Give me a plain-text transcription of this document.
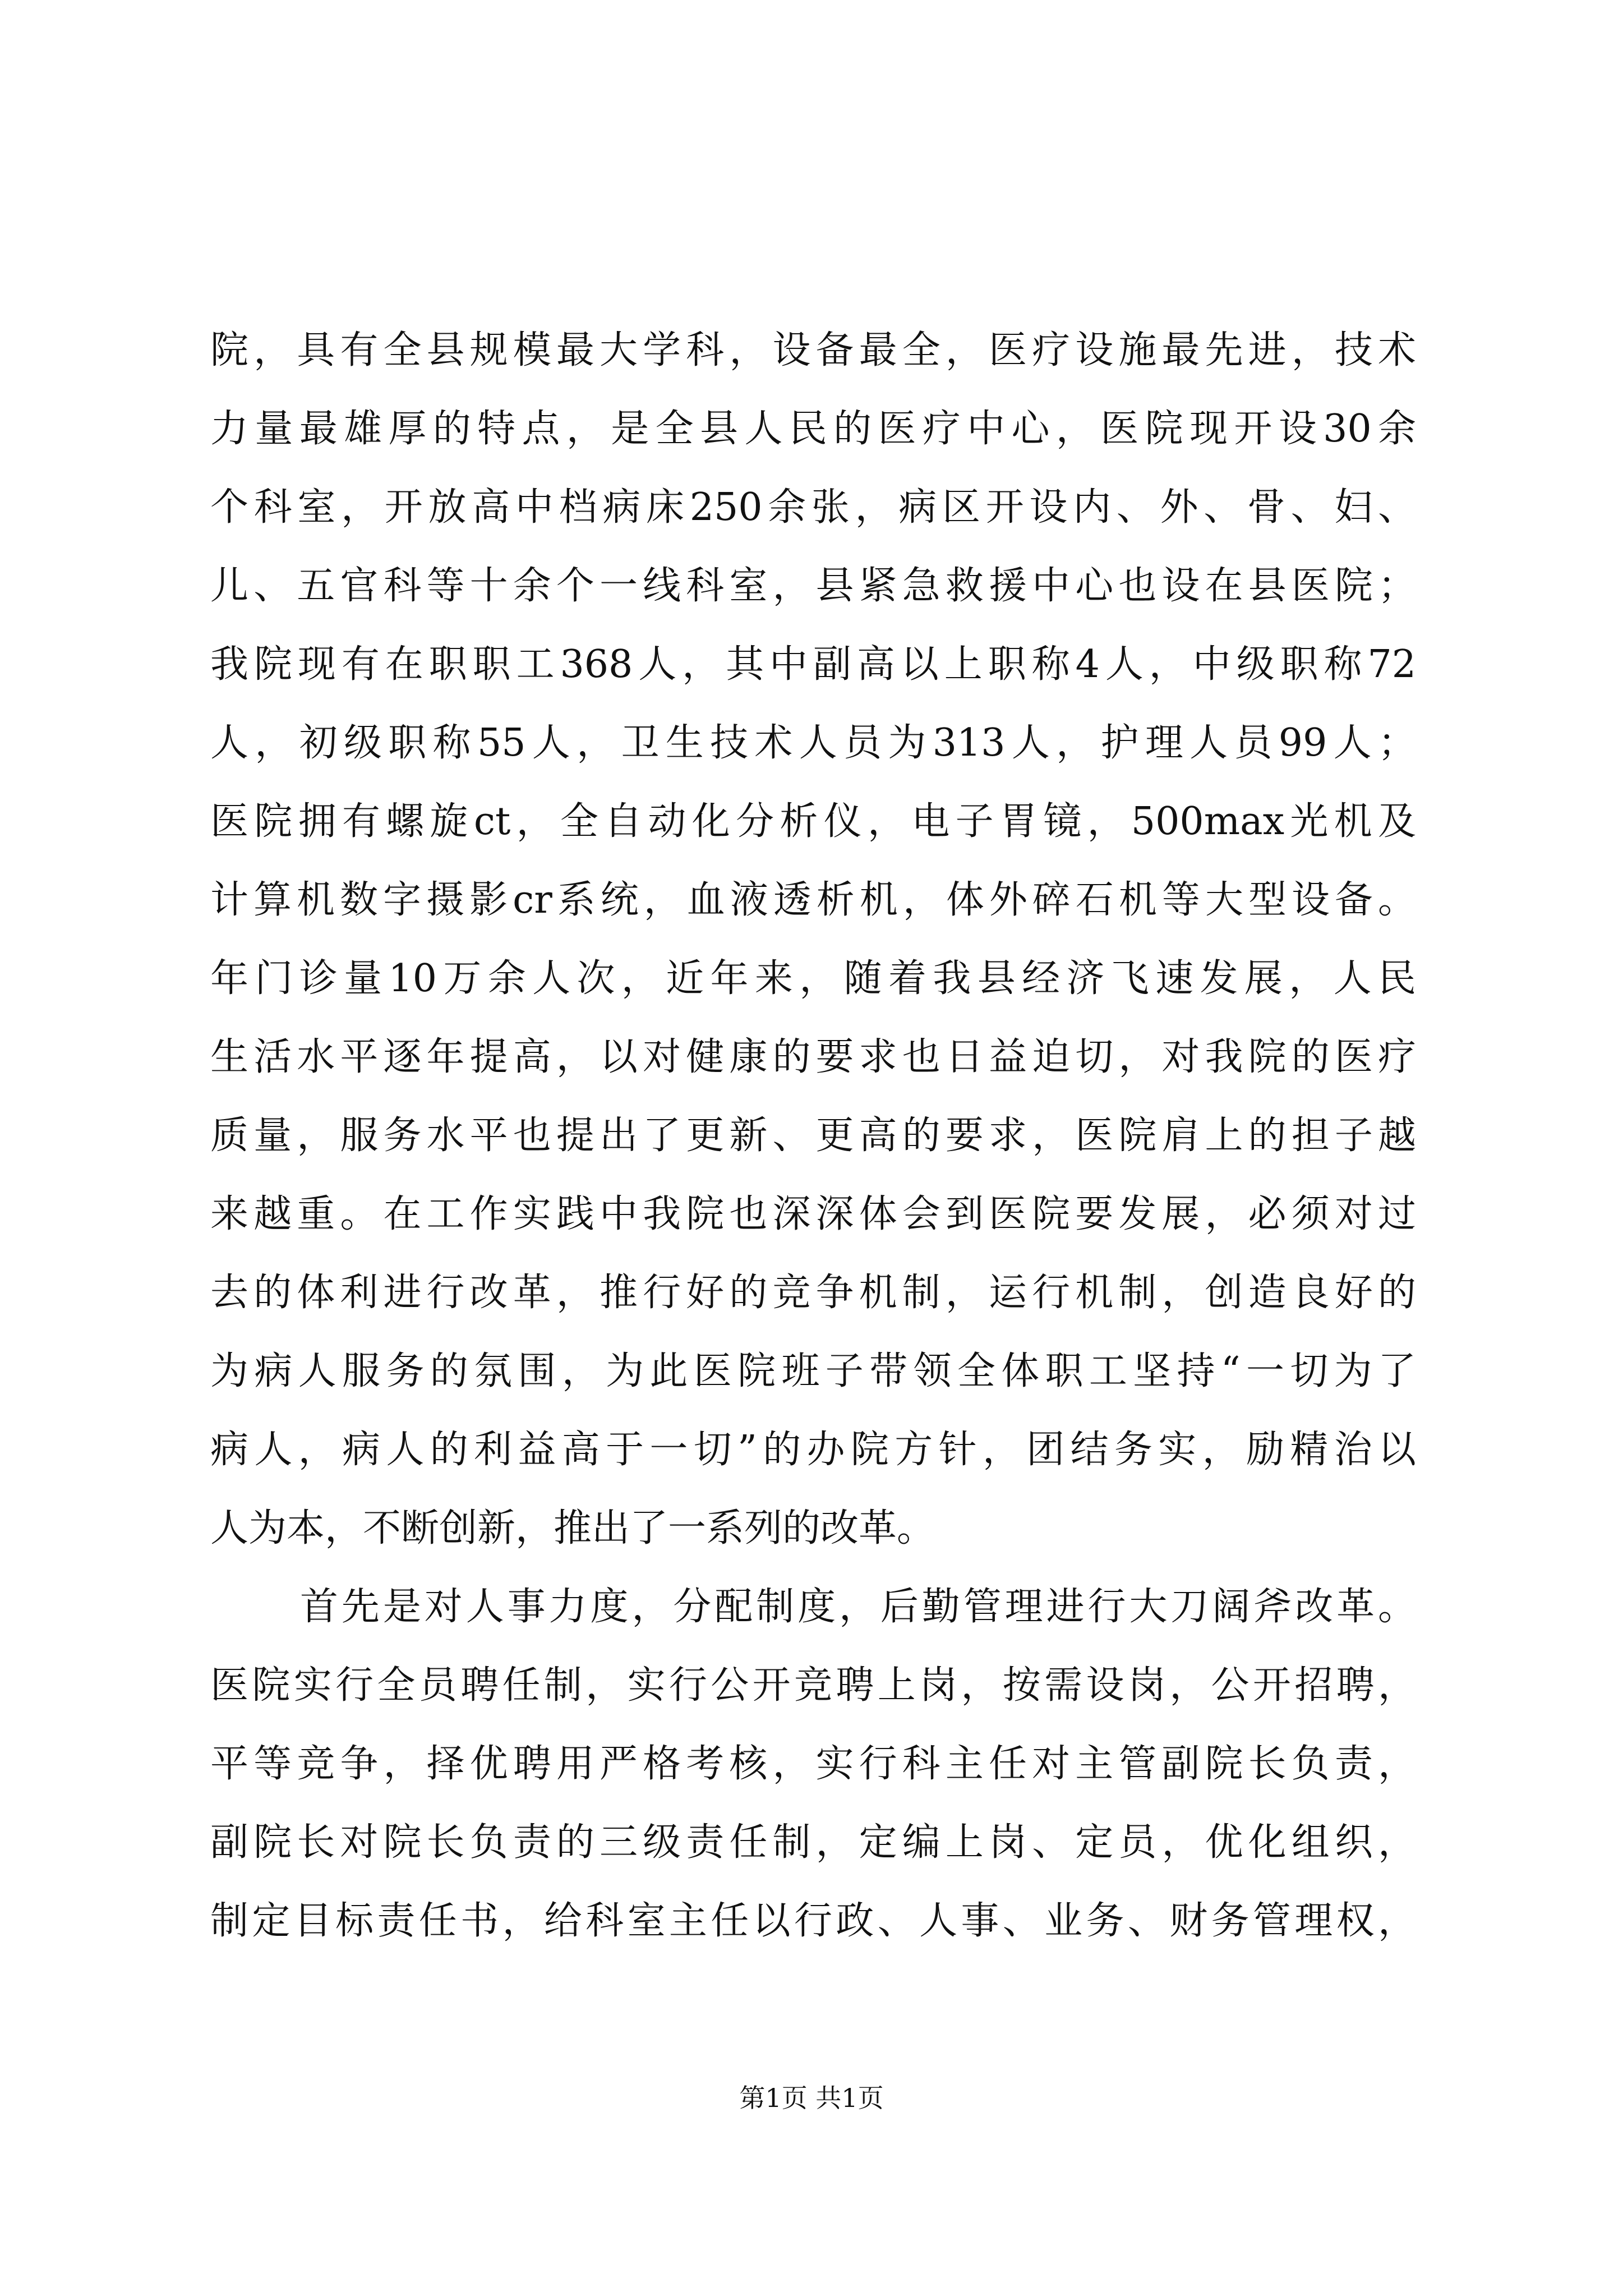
院，具有全县规模最大学科，设备最全，医疗设施最先进，技术
力量最雄厚的特点，是全县人民的医疗中心，医院现开设30余
个科室，开放高中档病床250余张，病区开设内、外、骨、妇、
儿、五官科等十余个一线科室，县紧急救援中心也设在县医院；
我院现有在职职工368人，其中副高以上职称4人，中级职称72
人，初级职称55人，卫生技术人员为313人，护理人员99人；
医院拥有螺旋ct，全自动化分析仪，电子胃镜，500max光机及
计算机数字摄影cr系统，血液透析机，体外碎石机等大型设备。
年门诊量10万余人次，近年来，随着我县经济飞速发展，人民
生活水平逐年提高，以对健康的要求也日益迫切，对我院的医疗
质量，服务水平也提出了更新、更高的要求，医院肩上的担子越
来越重。在工作实践中我院也深深体会到医院要发展，必须对过
去的体利进行改革，推行好的竞争机制，运行机制，创造良好的
为病人服务的氛围，为此医院班子带领全体职工坚持“一切为了
病人，病人的利益高于一切”的办院方针，团结务实，励精治以
人为本，不断创新，推出了一系列的改革。
首先是对人事力度，分配制度，后勤管理进行大刀阔斧改革。
医院实行全员聘任制，实行公开竞聘上岗，按需设岗，公开招聘，
平等竞争，择优聘用严格考核，实行科主任对主管副院长负责，
副院长对院长负责的三级责任制，定编上岗、定员，优化组织，
制定目标责任书，给科室主任以行政、人事、业务、财务管理权，
第1页 共1页
